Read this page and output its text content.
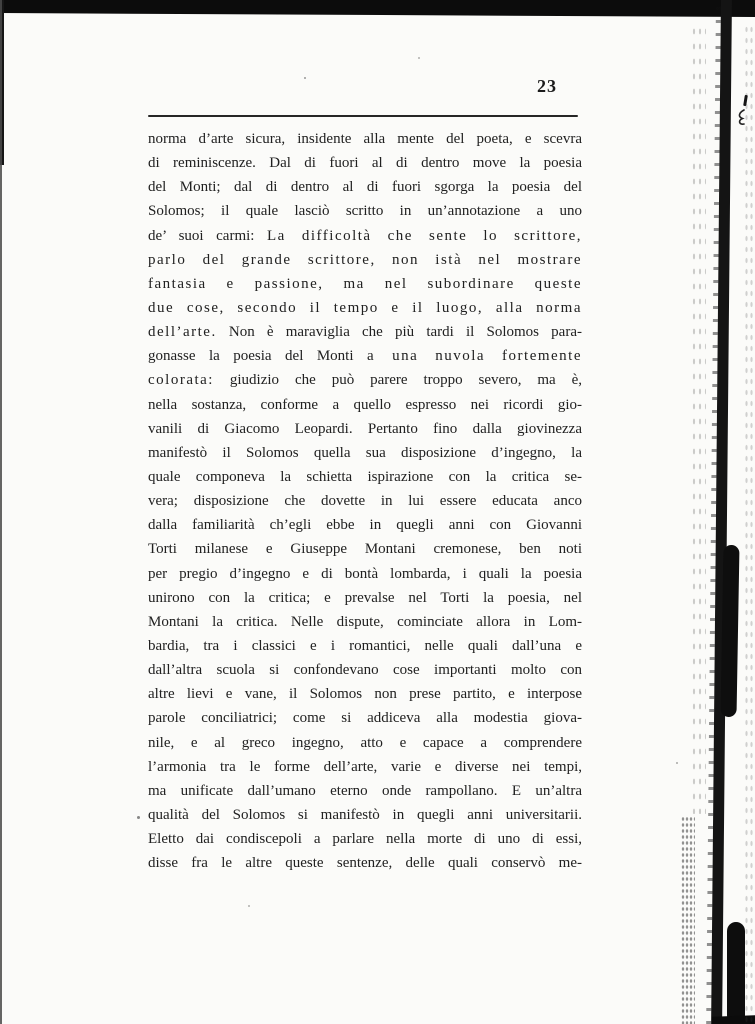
23
norma d’arte sicura, insidente alla mente del poeta, e scevra
di reminiscenze. Dal di fuori al di dentro move la poesia
del Monti; dal di dentro al di fuori sgorga la poesia del
Solomos; il quale lasciò scritto in un’annotazione a uno
de’ suoi carmi: La difficoltà che sente lo scrittore,
parlo del grande scrittore, non istà nel mostrare
fantasia e passione, ma nel subordinare queste
due cose, secondo il tempo e il luogo, alla norma
dell’arte. Non è maraviglia che più tardi il Solomos para-
gonasse la poesia del Monti a una nuvola fortemente
colorata: giudizio che può parere troppo severo, ma è,
nella sostanza, conforme a quello espresso nei ricordi gio-
vanili di Giacomo Leopardi. Pertanto fino dalla giovinezza
manifestò il Solomos quella sua disposizione d’ingegno, la
quale componeva la schietta ispirazione con la critica se-
vera; disposizione che dovette in lui essere educata anco
dalla familiarità ch’egli ebbe in quegli anni con Giovanni
Torti milanese e Giuseppe Montani cremonese, ben noti
per pregio d’ingegno e di bontà lombarda, i quali la poesia
unirono con la critica; e prevalse nel Torti la poesia, nel
Montani la critica. Nelle dispute, cominciate allora in Lom-
bardia, tra i classici e i romantici, nelle quali dall’una e
dall’altra scuola si confondevano cose importanti molto con
altre lievi e vane, il Solomos non prese partito, e interpose
parole conciliatrici; come si addiceva alla modestia giova-
nile, e al greco ingegno, atto e capace a comprendere
l’armonia tra le forme dell’arte, varie e diverse nei tempi,
ma unificate dall’umano eterno onde rampollano. E un’altra
qualità del Solomos si manifestò in quegli anni universitarii.
Eletto dai condiscepoli a parlare nella morte di uno di essi,
disse fra le altre queste sentenze, delle quali conservò me-
